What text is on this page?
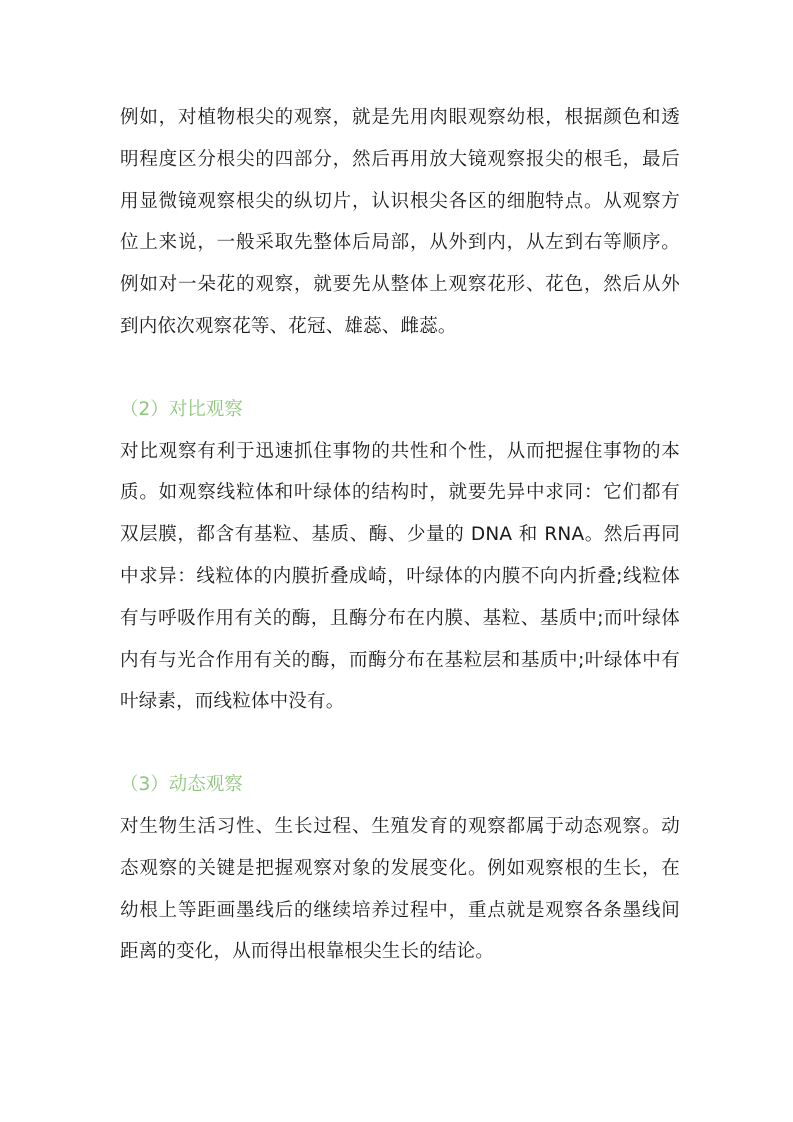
例如，对植物根尖的观察，就是先用肉眼观察幼根，根据颜色和透明程度区分根尖的四部分，然后再用放大镜观察报尖的根毛，最后用显微镜观察根尖的纵切片，认识根尖各区的细胞特点。从观察方位上来说，一般采取先整体后局部，从外到内，从左到右等顺序。例如对一朵花的观察，就要先从整体上观察花形、花色，然后从外到内依次观察花等、花冠、雄蕊、雌蕊。

（2）对比观察

对比观察有利于迅速抓住事物的共性和个性，从而把握住事物的本质。如观察线粒体和叶绿体的结构时，就要先异中求同：它们都有双层膜，都含有基粒、基质、酶、少量的 DNA 和 RNA。然后再同中求异：线粒体的内膜折叠成崎，叶绿体的内膜不向内折叠;线粒体有与呼吸作用有关的酶，且酶分布在内膜、基粒、基质中;而叶绿体内有与光合作用有关的酶，而酶分布在基粒层和基质中;叶绿体中有叶绿素，而线粒体中没有。

（3）动态观察

对生物生活习性、生长过程、生殖发育的观察都属于动态观察。动态观察的关键是把握观察对象的发展变化。例如观察根的生长，在幼根上等距画墨线后的继续培养过程中，重点就是观察各条墨线间距离的变化，从而得出根靠根尖生长的结论。
